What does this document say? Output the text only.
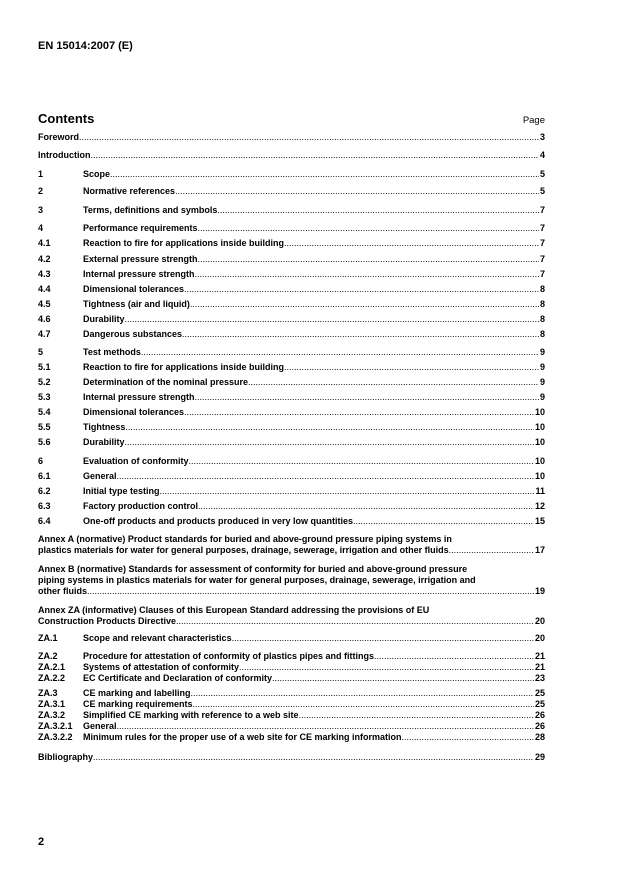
EN 15014:2007 (E)
Contents	Page
Foreword .....	3
Introduction .....	4
1	Scope .....	5
2	Normative references .....	5
3	Terms, definitions and symbols .....	7
4	Performance requirements .....	7
4.1	Reaction to fire for applications inside building .....	7
4.2	External pressure strength .....	7
4.3	Internal pressure strength .....	7
4.4	Dimensional tolerances .....	8
4.5	Tightness (air and liquid) .....	8
4.6	Durability .....	8
4.7	Dangerous substances .....	8
5	Test methods .....	9
5.1	Reaction to fire for applications inside building .....	9
5.2	Determination of the nominal pressure .....	9
5.3	Internal pressure strength .....	9
5.4	Dimensional tolerances .....	10
5.5	Tightness .....	10
5.6	Durability .....	10
6	Evaluation of conformity .....	10
6.1	General .....	10
6.2	Initial type testing .....	11
6.3	Factory production control .....	12
6.4	One-off products and products produced in very low quantities .....	15
Annex A (normative) Product standards for buried and above-ground pressure piping systems in
plastics materials for water for general purposes, drainage, sewerage, irrigation and other fluids .....	17
Annex B (normative) Standards for assessment of conformity for buried and above-ground pressure
piping systems in plastics materials for water for general purposes, drainage, sewerage, irrigation and
other fluids .....	19
Annex ZA (informative) Clauses of this European Standard addressing the provisions of EU
Construction Products Directive .....	20
ZA.1	Scope and relevant characteristics .....	20
ZA.2	Procedure for attestation of conformity of plastics pipes and fittings .....	21
ZA.2.1	Systems of attestation of conformity .....	21
ZA.2.2	EC Certificate and Declaration of conformity .....	23
ZA.3	CE marking and labelling .....	25
ZA.3.1	CE marking requirements .....	25
ZA.3.2	Simplified CE marking with reference to a web site .....	26
ZA.3.2.1	General .....	26
ZA.3.2.2	Minimum rules for the proper use of a web site for CE marking information .....	28
Bibliography .....	29
2
